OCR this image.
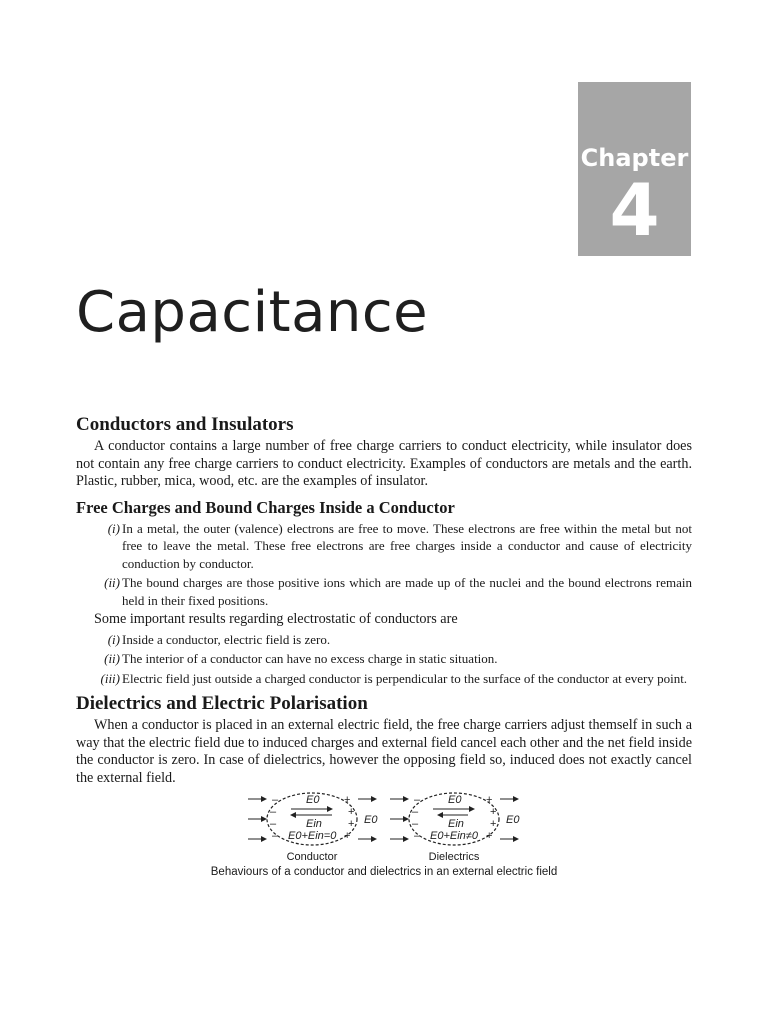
Chapter
4
Capacitance
Conductors and Insulators

A conductor contains a large number of free charge carriers to conduct electricity, while insulator does not contain any free charge carriers to conduct electricity. Examples of conductors are metals and the earth. Plastic, rubber, mica, wood, etc. are the examples of insulator.

Free Charges and Bound Charges Inside a Conductor
(i) In a metal, the outer (valence) electrons are free to move. These electrons are free within the metal but not free to leave the metal. These free electrons are free charges inside a conductor and cause of electricity conduction by conductor.
(ii) The bound charges are those positive ions which are made up of the nuclei and the bound electrons remain held in their fixed positions.

Some important results regarding electrostatic of conductors are

(i) Inside a conductor, electric field is zero.
(ii) The interior of a conductor can have no excess charge in static situation.
(iii) Electric field just outside a charged conductor is perpendicular to the surface of the conductor at every point.
Dielectrics and Electric Polarisation

When a conductor is placed in an external electric field, the free charge carriers adjust themself in such a way that the electric field due to induced charges and external field cancel each other and the net field inside the conductor is zero. In case of dielectrics, however the opposing field so, induced does not exactly cancel the external field.

–
–
–
–
+
+
+
+
E0
Ein
E0+Ein=0
E0
–
–
–
–
+
+
+
+
E0
Ein
E0+Ein≠0
E0
Conductor	Dielectrics
Behaviours of a conductor and dielectrics in an external electric field
